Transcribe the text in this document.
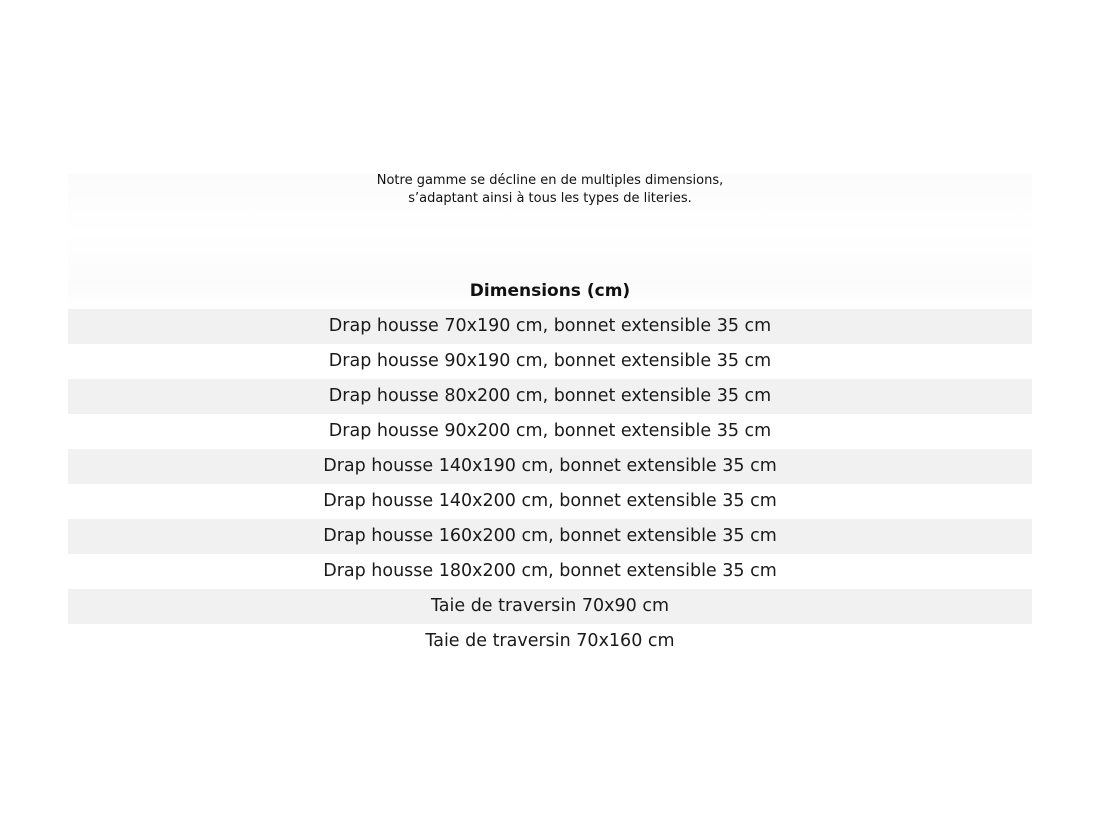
Notre gamme se décline en de multiples dimensions,
s’adaptant ainsi à tous les types de literies.
Dimensions (cm)
Drap housse 70x190 cm, bonnet extensible 35 cm
Drap housse 90x190 cm, bonnet extensible 35 cm
Drap housse 80x200 cm, bonnet extensible 35 cm
Drap housse 90x200 cm, bonnet extensible 35 cm
Drap housse 140x190 cm, bonnet extensible 35 cm
Drap housse 140x200 cm, bonnet extensible 35 cm
Drap housse 160x200 cm, bonnet extensible 35 cm
Drap housse 180x200 cm, bonnet extensible 35 cm
Taie de traversin 70x90 cm
Taie de traversin 70x160 cm
